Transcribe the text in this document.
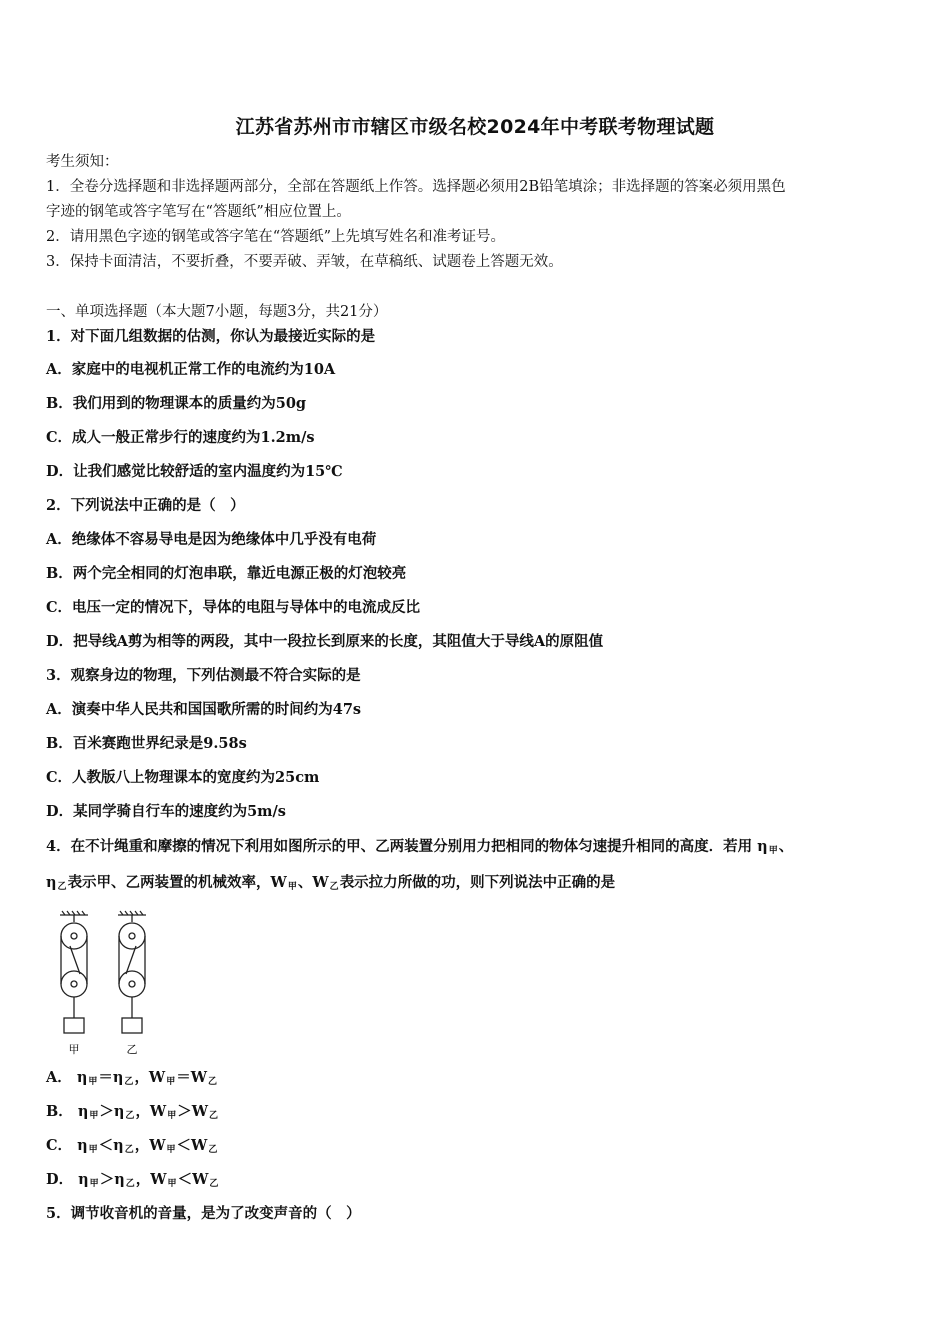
江苏省苏州市市辖区市级名校2024年中考联考物理试题
考生须知：
1．全卷分选择题和非选择题两部分，全部在答题纸上作答。选择题必须用2B铅笔填涂；非选择题的答案必须用黑色
字迹的钢笔或答字笔写在“答题纸”相应位置上。
2．请用黑色字迹的钢笔或答字笔在“答题纸”上先填写姓名和准考证号。
3．保持卡面清洁，不要折叠，不要弄破、弄皱，在草稿纸、试题卷上答题无效。
一、单项选择题（本大题7小题，每题3分，共21分）
1．对下面几组数据的估测，你认为最接近实际的是
A．家庭中的电视机正常工作的电流约为10A
B．我们用到的物理课本的质量约为50g
C．成人一般正常步行的速度约为1.2m/s
D．让我们感觉比较舒适的室内温度约为15℃
2．下列说法中正确的是（　）
A．绝缘体不容易导电是因为绝缘体中几乎没有电荷
B．两个完全相同的灯泡串联，靠近电源正极的灯泡较亮
C．电压一定的情况下，导体的电阻与导体中的电流成反比
D．把导线A剪为相等的两段，其中一段拉长到原来的长度，其阻值大于导线A的原阻值
3．观察身边的物理，下列估测最不符合实际的是
A．演奏中华人民共和国国歌所需的时间约为47s
B．百米赛跑世界纪录是9.58s
C．人教版八上物理课本的宽度约为25cm
D．某同学骑自行车的速度约为5m/s
4．在不计绳重和摩擦的情况下利用如图所示的甲、乙两装置分别用力把相同的物体匀速提升相同的高度．若用 $\eta_甲$、
$\eta_乙$表示甲、乙两装置的机械效率，$W_甲$、$W_乙$表示拉力所做的功，则下列说法中正确的是
甲	乙
A． $\eta_甲=\eta_乙$，$W_甲=W_乙$
B． $\eta_甲>\eta_乙$，$W_甲>W_乙$
C． $\eta_甲<\eta_乙$，$W_甲<W_乙$
D． $\eta_甲>\eta_乙$，$W_甲<W_乙$
5．调节收音机的音量，是为了改变声音的（　）
